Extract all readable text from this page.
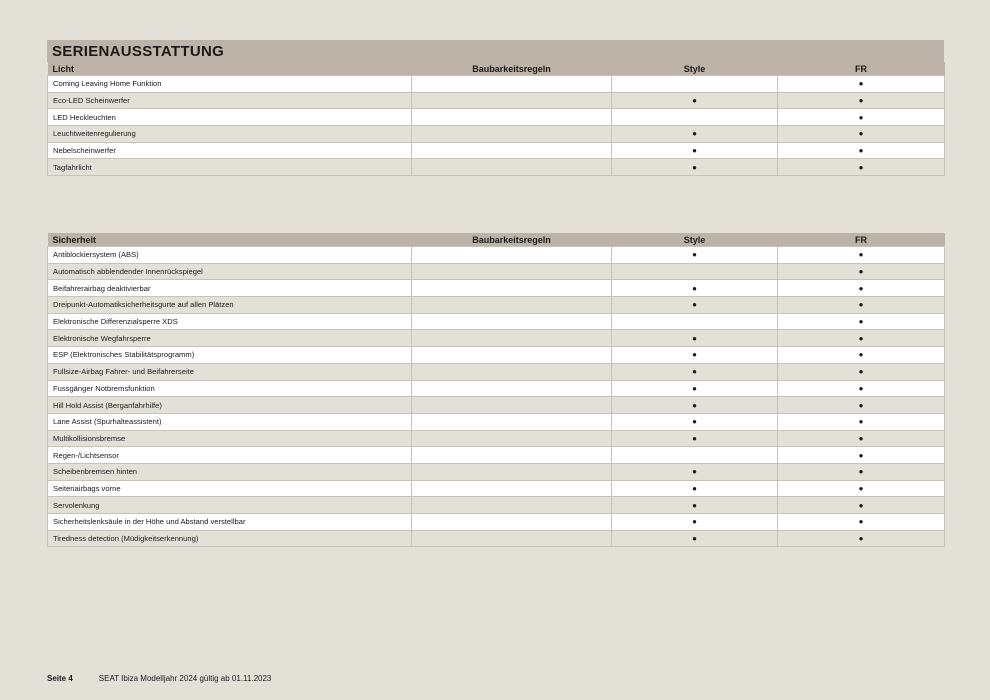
SERIENAUSSTATTUNG
Licht	Baubarkeitsregeln	Style	FR
Coming Leaving Home Funktion			●
Eco-LED Scheinwerfer		●	●
LED Heckleuchten			●
Leuchtweitenregulierung		●	●
Nebelscheinwerfer		●	●
Tagfahrlicht		●	●
Sicherheit	Baubarkeitsregeln	Style	FR
Antiblockiersystem (ABS)		●	●
Automatisch abblendender Innenrückspiegel			●
Beifahrerairbag deaktivierbar		●	●
Dreipunkt-Automatiksicherheitsgurte auf allen Plätzen		●	●
Elektronische Differenzialsperre XDS			●
Elektronische Wegfahrsperre		●	●
ESP (Elektronisches Stabilitätsprogramm)		●	●
Fullsize-Airbag Fahrer- und Beifahrerseite		●	●
Fussgänger Notbremsfunktion		●	●
Hill Hold Assist (Berganfahrhilfe)		●	●
Lane Assist (Spurhalteassistent)		●	●
Multikollisionsbremse		●	●
Regen-/Lichtsensor			●
Scheibenbremsen hinten		●	●
Seitenairbags vorne		●	●
Servolenkung		●	●
Sicherheitslenksäule in der Höhe und Abstand verstellbar		●	●
Tiredness detection (Müdigkeitserkennung)		●	●
Seite 4	SEAT Ibiza Modelljahr 2024 gültig ab 01.11.2023
